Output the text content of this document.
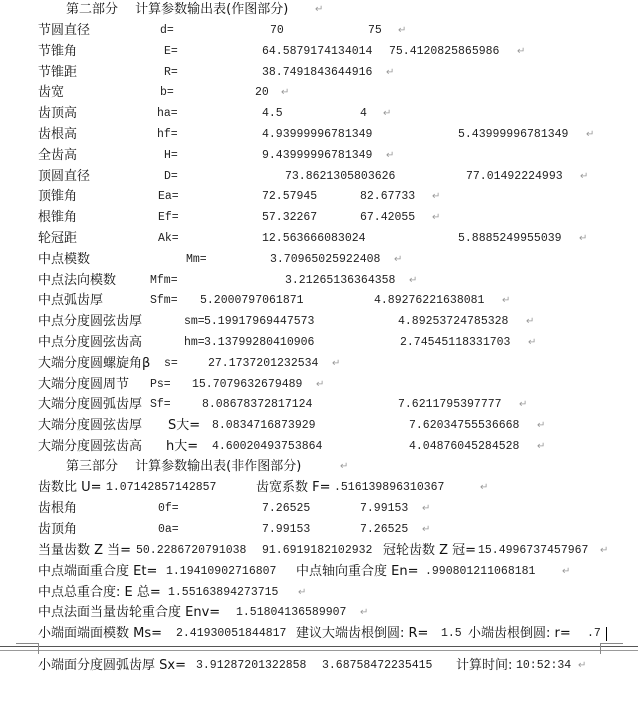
第二部分　 计算参数输出表(作图部分)	↵
节圆直径	d=	70	75 ↵
节锥角	E=	64.5879174134014 75.4120825865986 ↵
节锥距	R=	38.7491843644916 ↵
齿宽	b=	20 ↵
齿顶高	ha=	4.5	4 ↵
齿根高	hf=	4.93999996781349	5.43999996781349 ↵
全齿高	H=	9.43999996781349 ↵
顶圆直径	D=	73.8621305803626	77.01492224993 ↵
顶锥角	Ea=	72.57945	82.67733 ↵
根锥角	Ef=	57.32267	67.42055 ↵
轮冠距	Ak=	12.563666083024	5.8885249955039 ↵
中点模数	Mm=	3.70965025922408 ↵
中点法向模数	Mfm=	3.21265136364358 ↵
中点弧齿厚	Sfm= 5.2000797061871	4.89276221638081 ↵
中点分度圆弦齿厚	sm= 5.19917969447573	4.89253724785328 ↵
中点分度圆弦齿高	hm= 3.13799280410906	2.74545118331703 ↵
大端分度圆螺旋角β s=	27.1737201232534 ↵
大端分度圆周节 Ps= 15.7079632679489 ↵
大端分度圆弧齿厚 Sf=	8.08678372817124	7.6211795397777 ↵
大端分度圆弦齿厚 S大= 8.0834716873929	7.62034755536668 ↵
大端分度圆弦齿高 h大= 4.60020493753864	4.04876045284528 ↵
第三部分　 计算参数输出表(非作图部分)	↵
齿数比 U= 1.07142857142857	齿宽系数 F= .516139896310367	↵
齿根角	0f=	7.26525	7.99153 ↵
齿顶角	0a=	7.99153	7.26525 ↵
当量齿数 Z 当= 50.2286720791038 91.6919182102932 冠轮齿数 Z 冠= 15.4996737457967 ↵
中点端面重合度 Et= 1.19410902716807 中点轴向重合度 En= .990801211068181	↵
中点总重合度: E 总= 1.55163894273715 ↵
中点法面当量齿轮重合度 Env= 1.51804136589907 ↵
小端面端面模数 Ms= 2.41930051844817 建议大端齿根倒圆: R= 1.5 小端齿根倒圆: r= .7
小端面分度圆弧齿厚 Sx= 3.91287201322858 3.68758472235415 计算时间: 10:52:34 ↵
